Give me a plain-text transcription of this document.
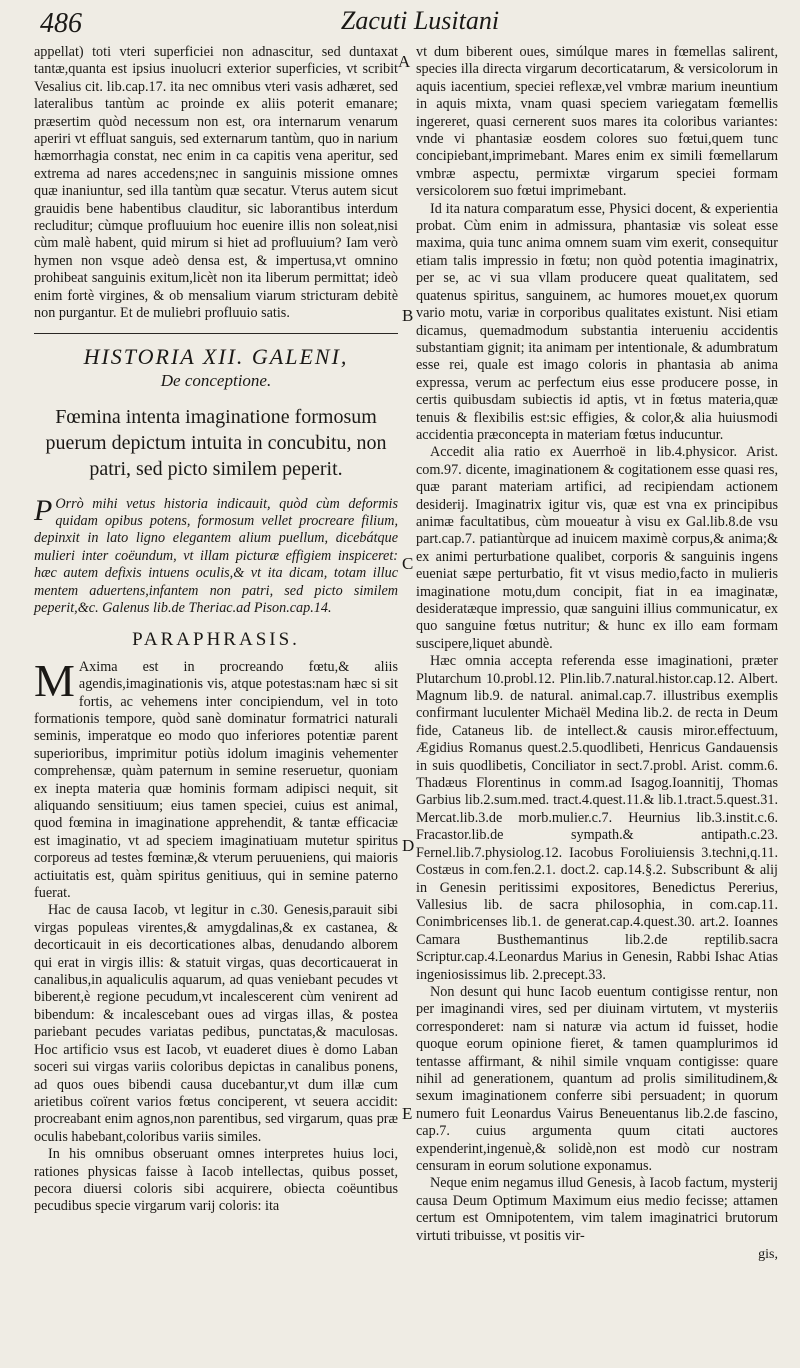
486	Zacuti Lusitani
A
B
C
D
E

appellat) toti vteri superficiei non adnascitur, sed duntaxat tantæ,quanta est ipsius inuolucri exterior superficies, vt scribit Vesalius cit. lib.cap.17. ita nec omnibus vteri vasis adhæret, sed lateralibus tantùm ac proinde ex aliis poterit emanare; præsertim quòd necessum non est, ora internarum venarum aperiri vt effluat sanguis, sed externarum tantùm, quo in narium hæmorrhagia constat, nec enim in ca capitis vena aperitur, sed extrema ad nares accedens;nec in sanguinis missione omnes quæ inaniuntur, sed illa tantùm quæ secatur. Vterus autem sicut grauidis bene habentibus clauditur, sic laborantibus interdum recluditur; cùmque profluuium hoc euenire illis non soleat,nisi cùm malè habent, quid mirum si hiet ad profluuium? Iam verò hymen non vsque adeò densa est, & impertusa,vt omnino prohibeat sanguinis exitum,licèt non ita liberum permittat; ideò enim fortè virgines, & ob mensalium viarum stricturam debitè non purgantur. Et de muliebri profluuio satis.

HISTORIA XII. GALENI,
De conceptione.
Fœmina intenta imaginatione formosum puerum depictum intuita in concubitu, non patri, sed picto similem peperit.

P Orrò mihi vetus historia indicauit, quòd cùm deformis quidam opibus potens, formosum vellet procreare filium, depinxit in lato ligno elegantem alium puellum, dicebátque mulieri inter coëundum, vt illam picturæ effigiem inspiceret: hæc autem defixis intuens oculis,& vt ita dicam, totam illuc mentem aduertens,infantem non patri, sed picto similem peperit,&c. Galenus lib.de Theriac.ad Pison.cap.14.

PARAPHRASIS.

M Axima est in procreando fœtu,& aliis agendis,imaginationis vis, atque potestas:nam hæc si sit fortis, ac vehemens inter concipiendum, vel in toto formationis tempore, quòd sanè dominatur formatrici naturali seminis, imperatque eo modo quo inferiores potentiæ parent superioribus, imprimitur potiùs idolum imaginis vehementer comprehensæ, quàm paternum in semine reseruetur, quoniam ex inepta materia quæ hominis formam adipisci nequit, sit aliquando sensitiuum; eius tamen speciei, cuius est animal, quod fœmina in imaginatione apprehendit, & tantæ efficaciæ est imaginatio, vt ad speciem imaginatiuam mutetur spiritus corporeus ad testes fœminæ,& vterum peruueniens, qui maioris actiuitatis est, quàm spiritus genitiuus, qui in semine paterno fuerat.

Hac de causa Iacob, vt legitur in c.30. Genesis,parauit sibi virgas populeas virentes,& amygdalinas,& ex castanea, & decorticauit in eis decorticationes albas, denudando alborem qui erat in virgis illis: & statuit virgas, quas decorticauerat in canalibus,in aqualiculis aquarum, ad quas veniebant pecudes vt biberent,è regione pecudum,vt incalescerent cùm venirent ad bibendum: & incalescebant oues ad virgas illas, & postea pariebant pecudes variatas pedibus, punctatas,& maculosas. Hoc artificio vsus est Iacob, vt euaderet diues è domo Laban soceri sui virgas variis coloribus depictas in canalibus ponens, ad quos oues bibendi causa ducebantur,vt dum illæ cum arietibus coïrent varios fœtus conciperent, vt seuera accidit: procreabant enim agnos,non parentibus, sed virgarum, quas præ oculis habebant,coloribus variis similes.

In his omnibus obseruant omnes interpretes huius loci, rationes physicas faisse à Iacob intellectas, quibus posset, pecora diuersi coloris sibi acquirere, obiecta coëuntibus pecudibus specie virgarum varij coloris: ita

vt dum biberent oues, simúlque mares in fœmellas salirent, species illa directa virgarum decorticatarum, & versicolorum in aquis iacentium, speciei reflexæ,vel vmbræ marium ineuntium in aquis mixta, vnam quasi speciem variegatam fœmellis ingereret, quasi cernerent suos mares ita coloribus variantes: vnde vi phantasiæ eosdem colores suo fœtui,quem tunc concipiebant,imprimebant. Mares enim ex simili fœmellarum vmbræ aspectu, permixtæ virgarum speciei formam versicolorem suo fœtui imprimebant.

Id ita natura comparatum esse, Physici docent, & experientia probat. Cùm enim in admissura, phantasiæ vis soleat esse maxima, quia tunc anima omnem suam vim exerit, consequitur etiam talis impressio in fœtu; non quòd potentia imaginatrix, per se, ac vi sua vllam producere queat qualitatem, sed quatenus spiritus, sanguinem, ac humores mouet,ex quorum vario motu, variæ in corporibus qualitates existunt. Nisi etiam dicamus, quemadmodum substantia interueniu accidentis substantiam gignit; ita animam per intentionale, & adumbratum esse rei, quale est imago coloris in phantasia ab anima expressa, verum ac perfectum eius esse producere posse, in certis quibusdam subiectis id aptis, vt in fœtus materia,quæ tenuis & flexibilis est:sic effigies, & color,& alia huiusmodi accidentia præconcepta in materiam fœtus inducuntur.

Accedit alia ratio ex Auerrhoë in lib.4.physicor. Arist. com.97. dicente, imaginationem & cogitationem esse quasi res, quæ parant materiam artifici, ad recipiendam actionem desiderij. Imaginatrix igitur vis, quæ est vna ex principibus animæ facultatibus, cùm moueatur à visu ex Gal.lib.8.de vsu part.cap.7. patiantùrque ad inuicem maximè corpus,& anima;& ex animi perturbatione qualibet, corporis & sanguinis ingens eueniat sæpe perturbatio, fit vt visus medio,facto in mulieris imaginatione motu,dum concipit, fiat in ea imaginatæ, desideratæque impressio, quæ sanguini illius communicatur, ex quo sanguine fœtus nutritur; & hunc ex illo eam formam suscipere,liquet abundè.

Hæc omnia accepta referenda esse imaginationi, præter Plutarchum 10.probl.12. Plin.lib.7.natural.histor.cap.12. Albert. Magnum lib.9. de natural. animal.cap.7. illustribus exemplis confirmant luculenter Michaël Medina lib.2. de recta in Deum fide, Cataneus lib. de intellect.& causis miror.effectuum, Ægidius Romanus quest.2.5.quodlibeti, Henricus Gandauensis in suis quodlibetis, Conciliator in sect.7.probl. Arist. comm.6. Thadæus Florentinus in comm.ad Isagog.Ioannitij, Thomas Garbius lib.2.sum.med. tract.4.quest.11.& lib.1.tract.5.quest.31. Mercat.lib.3.de morb.mulier.c.7. Heurnius lib.3.instit.c.6. Fracastor.lib.de sympath.& antipath.c.23. Fernel.lib.7.physiolog.12. Iacobus Foroliuiensis 3.techni,q.11. Costæus in com.fen.2.1. doct.2. cap.14.§.2. Subscribunt & alij in Genesin peritissimi expositores, Benedictus Pererius, Vallesius lib. de sacra philosophia, in com.cap.11. Conimbricenses lib.1. de generat.cap.4.quest.30. art.2. Ioannes Camara Busthemantinus lib.2.de reptilib.sacra Scriptur.cap.4.Leonardus Marius in Genesin, Rabbi Ishac Atias ingeniosissimus lib. 2.precept.33.

Non desunt qui hunc Iacob euentum contigisse rentur, non per imaginandi vires, sed per diuinam virtutem, vt mysteriis corresponderet: nam si naturæ via actum id fuisset, hodie quoque eorum opinione fieret, & tamen quamplurimos id tentasse affirmant, & nihil simile vnquam contigisse: quare nihil ad generationem, quantum ad prolis similitudinem,& sexum imaginationem conferre sibi persuadent; in quorum numero fuit Leonardus Vairus Beneuentanus lib.2.de fascino, cap.7. cuius argumenta quum citati auctores expenderint,ingenuè,& solidè,non est modò cur nostram censuram in eorum solutione exponamus.

Neque enim negamus illud Genesis, à Iacob factum, mysterij causa Deum Optimum Maximum eius medio fecisse; attamen certum est Omnipotentem, vim talem imaginatrici brutorum virtuti tribuisse, vt positis vir-

gis,
